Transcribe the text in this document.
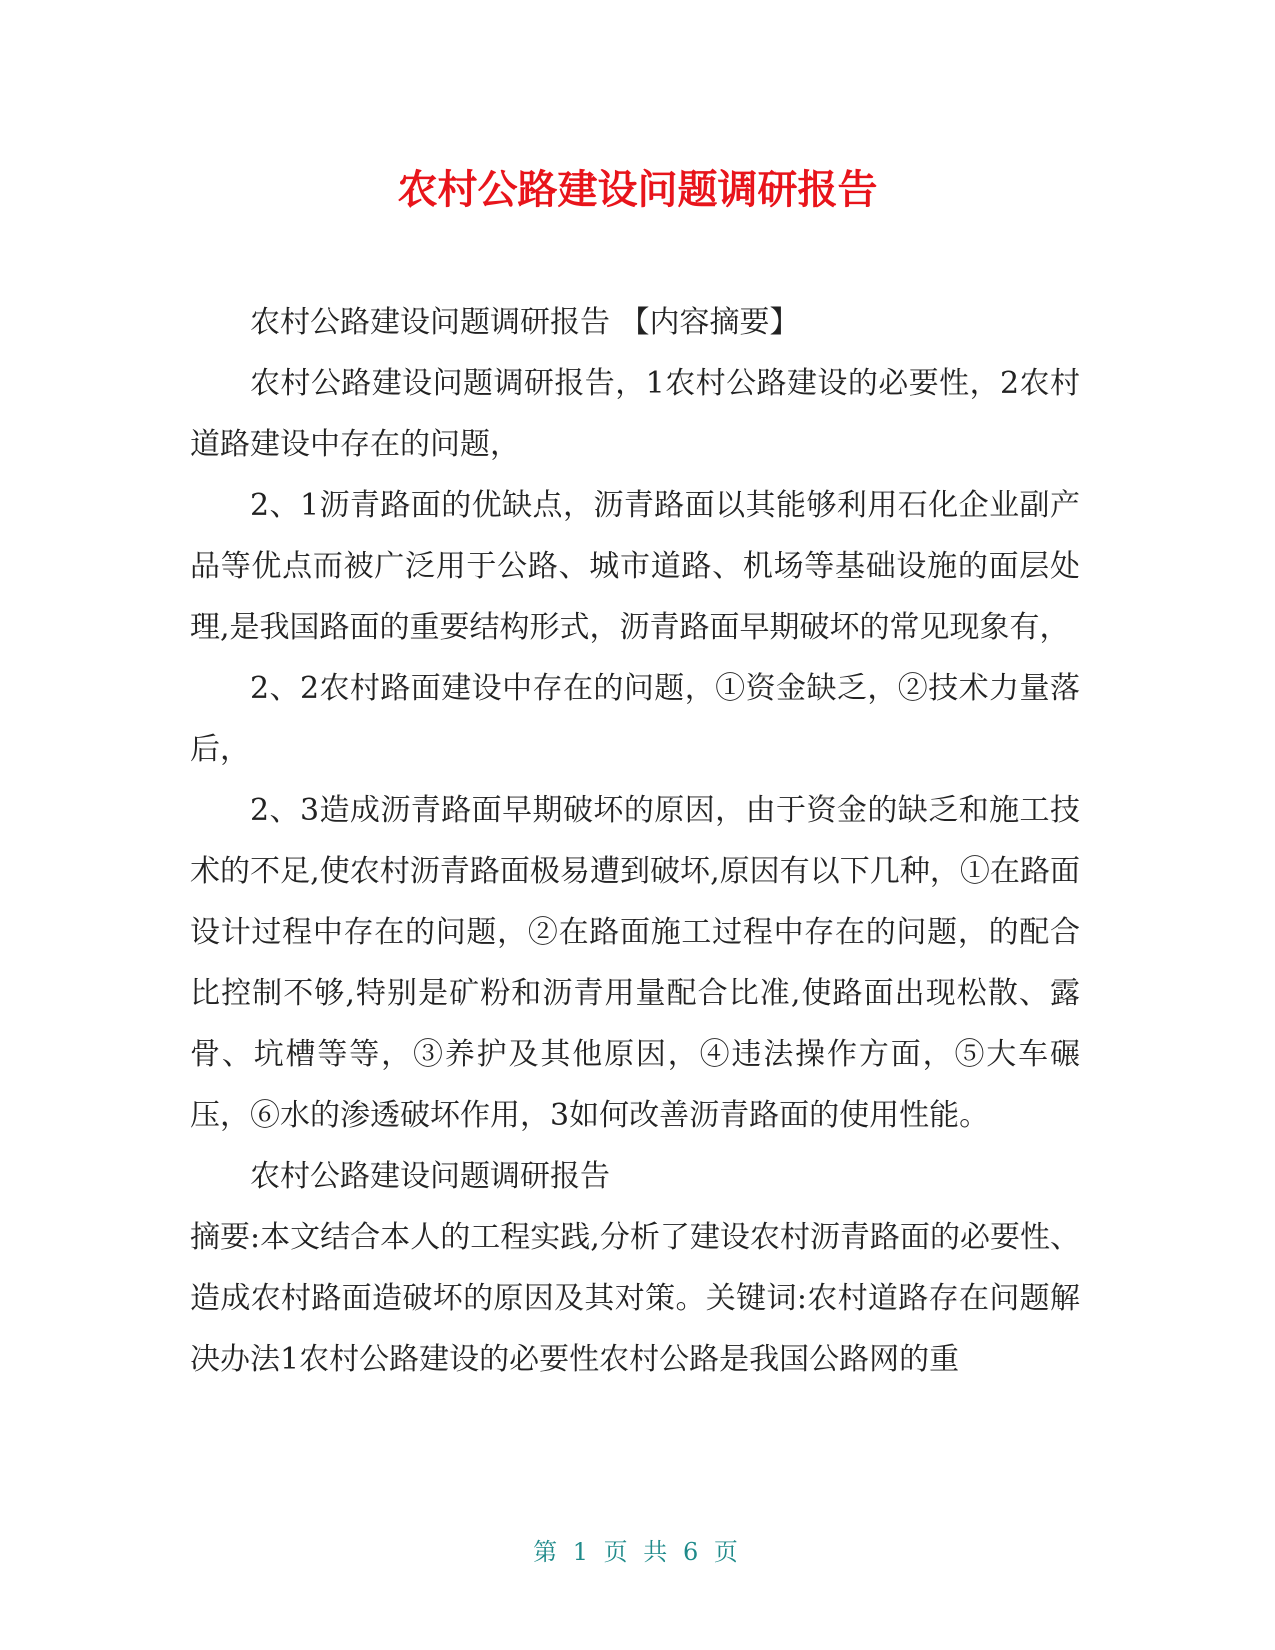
农村公路建设问题调研报告

农村公路建设问题调研报告 【内容摘要】

农村公路建设问题调研报告，1农村公路建设的必要性，2农村道路建设中存在的问题，

2、1沥青路面的优缺点，沥青路面以其能够利用石化企业副产品等优点而被广泛用于公路、城市道路、机场等基础设施的面层处理,是我国路面的重要结构形式，沥青路面早期破坏的常见现象有，

2、2农村路面建设中存在的问题，①资金缺乏，②技术力量落后，

2、3造成沥青路面早期破坏的原因，由于资金的缺乏和施工技术的不足,使农村沥青路面极易遭到破坏,原因有以下几种，①在路面设计过程中存在的问题，②在路面施工过程中存在的问题，的配合比控制不够,特别是矿粉和沥青用量配合比准,使路面出现松散、露骨、坑槽等等，③养护及其他原因，④违法操作方面，⑤大车碾压，⑥水的渗透破坏作用，3如何改善沥青路面的使用性能。

农村公路建设问题调研报告

摘要:本文结合本人的工程实践,分析了建设农村沥青路面的必要性、造成农村路面造破坏的原因及其对策。关键词:农村道路存在问题解决办法1农村公路建设的必要性农村公路是我国公路网的重

第 1 页 共 6 页
